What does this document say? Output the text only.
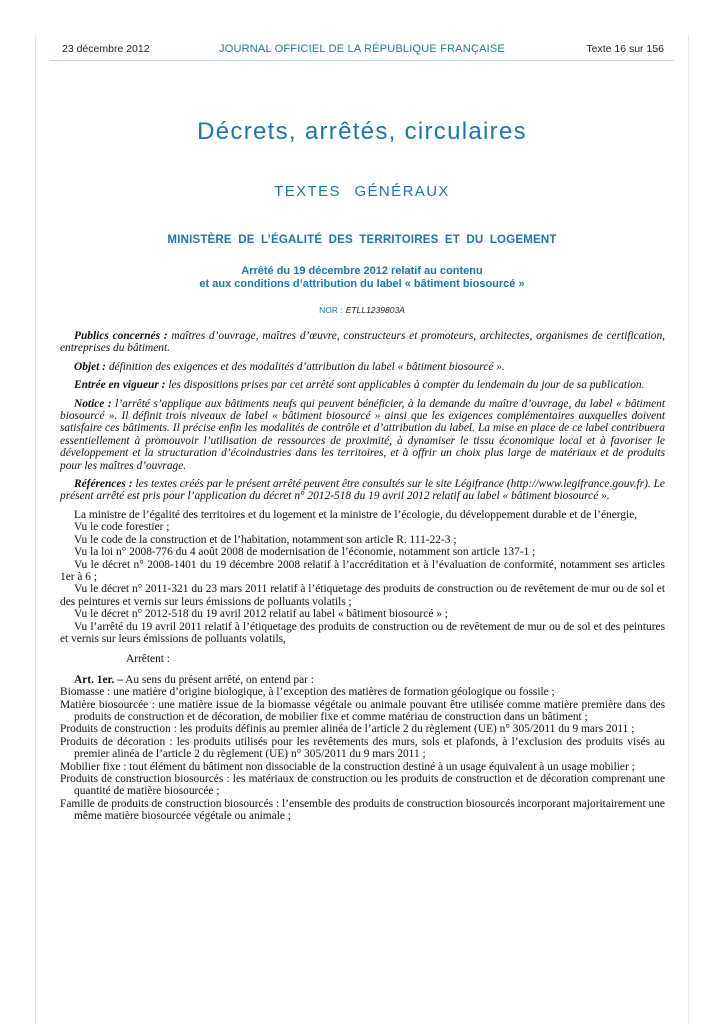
23 décembre 2012	JOURNAL OFFICIEL DE LA RÉPUBLIQUE FRANÇAISE	Texte 16 sur 156
Décrets, arrêtés, circulaires
TEXTES GÉNÉRAUX
MINISTÈRE DE L’ÉGALITÉ DES TERRITOIRES ET DU LOGEMENT
Arrêté du 19 décembre 2012 relatif au contenu
et aux conditions d’attribution du label « bâtiment biosourcé »
NOR : ETLL1239803A

Publics concernés : maîtres d’ouvrage, maîtres d’œuvre, constructeurs et promoteurs, architectes, organismes de certification, entreprises du bâtiment.

Objet : définition des exigences et des modalités d’attribution du label « bâtiment biosourcé ».

Entrée en vigueur : les dispositions prises par cet arrêté sont applicables à compter du lendemain du jour de sa publication.

Notice : l’arrêté s’applique aux bâtiments neufs qui peuvent bénéficier, à la demande du maître d’ouvrage, du label « bâtiment biosourcé ». Il définit trois niveaux de label « bâtiment biosourcé » ainsi que les exigences complémentaires auxquelles doivent satisfaire ces bâtiments. Il précise enfin les modalités de contrôle et d’attribution du label. La mise en place de ce label contribuera essentiellement à promouvoir l’utilisation de ressources de proximité, à dynamiser le tissu économique local et à favoriser le développement et la structuration d’écoindustries dans les territoires, et à offrir un choix plus large de matériaux et de produits pour les maîtres d’ouvrage.

Références : les textes créés par le présent arrêté peuvent être consultés sur le site Légifrance (http://www.legifrance.gouv.fr). Le présent arrêté est pris pour l’application du décret n° 2012-518 du 19 avril 2012 relatif au label « bâtiment biosourcé ».

La ministre de l’égalité des territoires et du logement et la ministre de l’écologie, du développement durable et de l’énergie,

Vu le code forestier ;

Vu le code de la construction et de l’habitation, notamment son article R. 111-22-3 ;

Vu la loi n° 2008-776 du 4 août 2008 de modernisation de l’économie, notamment son article 137-1 ;

Vu le décret n° 2008-1401 du 19 décembre 2008 relatif à l’accréditation et à l’évaluation de conformité, notamment ses articles 1er à 6 ;

Vu le décret n° 2011-321 du 23 mars 2011 relatif à l’étiquetage des produits de construction ou de revêtement de mur ou de sol et des peintures et vernis sur leurs émissions de polluants volatils ;

Vu le décret n° 2012-518 du 19 avril 2012 relatif au label « bâtiment biosourcé » ;

Vu l’arrêté du 19 avril 2011 relatif à l’étiquetage des produits de construction ou de revêtement de mur ou de sol et des peintures et vernis sur leurs émissions de polluants volatils,

Arrêtent :

Art. 1er. – Au sens du présent arrêté, on entend par :

Biomasse : une matière d’origine biologique, à l’exception des matières de formation géologique ou fossile ;

Matière biosourcée : une matière issue de la biomasse végétale ou animale pouvant être utilisée comme matière première dans des produits de construction et de décoration, de mobilier fixe et comme matériau de construction dans un bâtiment ;

Produits de construction : les produits définis au premier alinéa de l’article 2 du règlement (UE) n° 305/2011 du 9 mars 2011 ;

Produits de décoration : les produits utilisés pour les revêtements des murs, sols et plafonds, à l’exclusion des produits visés au premier alinéa de l’article 2 du règlement (UE) n° 305/2011 du 9 mars 2011 ;

Mobilier fixe : tout élément du bâtiment non dissociable de la construction destiné à un usage équivalent à un usage mobilier ;

Produits de construction biosourcés : les matériaux de construction ou les produits de construction et de décoration comprenant une quantité de matière biosourcée ;

Famille de produits de construction biosourcés : l’ensemble des produits de construction biosourcés incorporant majoritairement une même matière biosourcée végétale ou animale ;
